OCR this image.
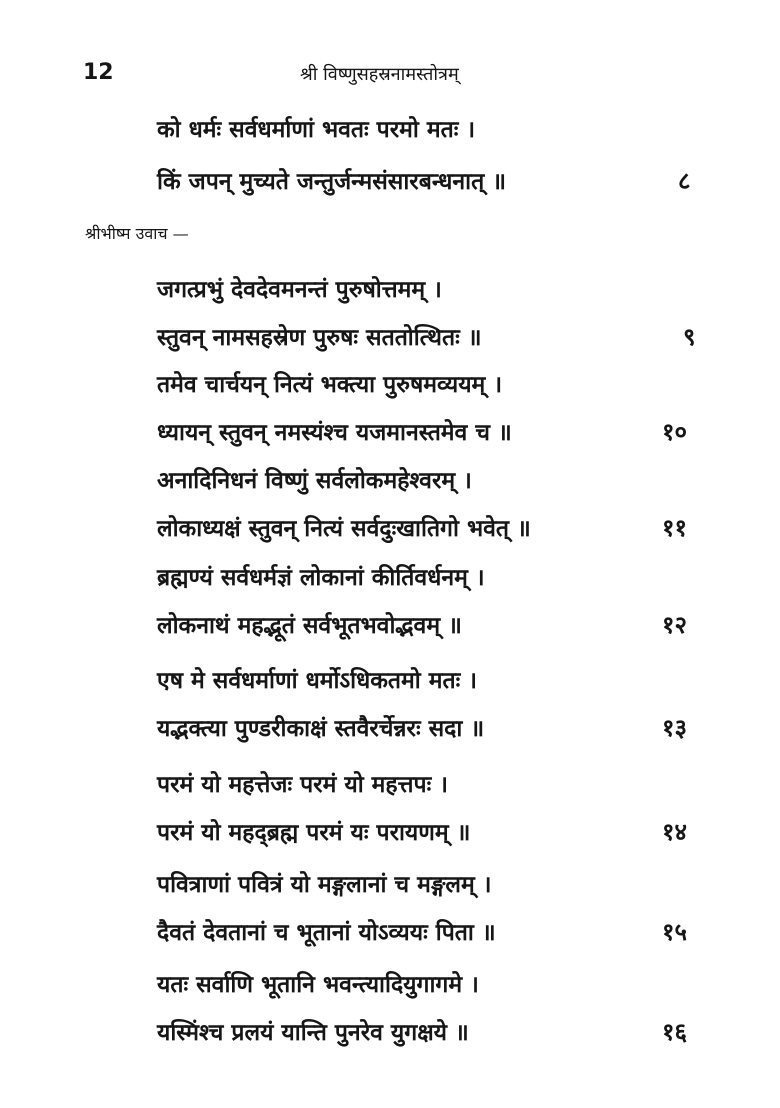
12	श्री विष्णुसहस्रनामस्तोत्रम्
को धर्मः सर्वधर्माणां भवतः परमो मतः ।
किं जपन् मुच्यते जन्तुर्जन्मसंसारबन्धनात् ॥	८
श्रीभीष्म उवाच —
जगत्प्रभुं देवदेवमनन्तं पुरुषोत्तमम् ।
स्तुवन् नामसहस्रेण पुरुषः सततोत्थितः ॥	९
तमेव चार्चयन् नित्यं भक्त्या पुरुषमव्ययम् ।
ध्यायन् स्तुवन् नमस्यंश्च यजमानस्तमेव च ॥	१०
अनादिनिधनं विष्णुं सर्वलोकमहेश्वरम् ।
लोकाध्यक्षं स्तुवन् नित्यं सर्वदुःखातिगो भवेत् ॥	११
ब्रह्मण्यं सर्वधर्मज्ञं लोकानां कीर्तिवर्धनम् ।
लोकनाथं महद्भूतं सर्वभूतभवोद्भवम् ॥	१२
एष मे सर्वधर्माणां धर्मोऽधिकतमो मतः ।
यद्भक्त्या पुण्डरीकाक्षं स्तवैरर्चेन्नरः सदा ॥	१३
परमं यो महत्तेजः परमं यो महत्तपः ।
परमं यो महद्ब्रह्म परमं यः परायणम् ॥	१४
पवित्राणां पवित्रं यो मङ्गलानां च मङ्गलम् ।
दैवतं देवतानां च भूतानां योऽव्ययः पिता ॥	१५
यतः सर्वाणि भूतानि भवन्त्यादियुगागमे ।
यस्मिंश्च प्रलयं यान्ति पुनरेव युगक्षये ॥	१६
